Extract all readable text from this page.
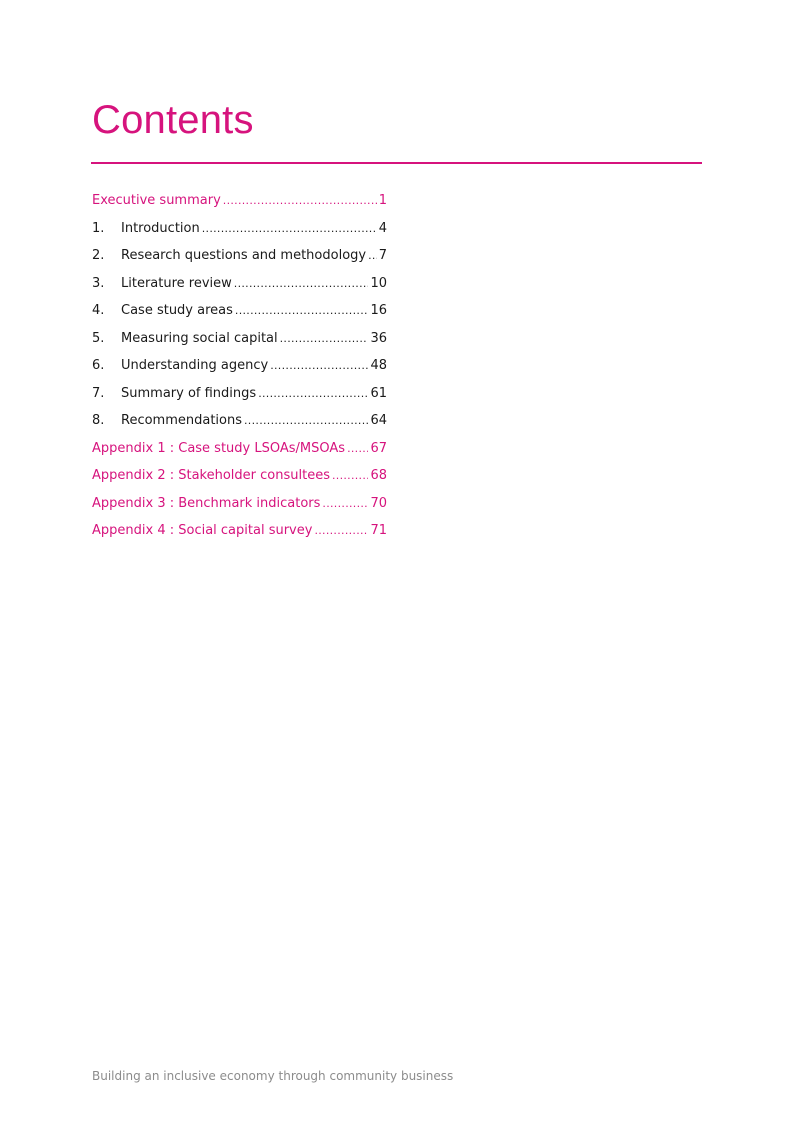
Contents
Executive summary .....	1
1.	Introduction .....	4
2.	Research questions and methodology ..... 7
3.	Literature review .....	10
4.	Case study areas .....	16
5.	Measuring social capital .....	36
6.	Understanding agency .....	48
7.	Summary of findings .....	61
8.	Recommendations .....	64
Appendix 1 : Case study LSOAs/MSOAs ..... 67
Appendix 2 : Stakeholder consultees .....	68
Appendix 3 : Benchmark indicators .....	70
Appendix 4 : Social capital survey .....	71
Building an inclusive economy through community business
